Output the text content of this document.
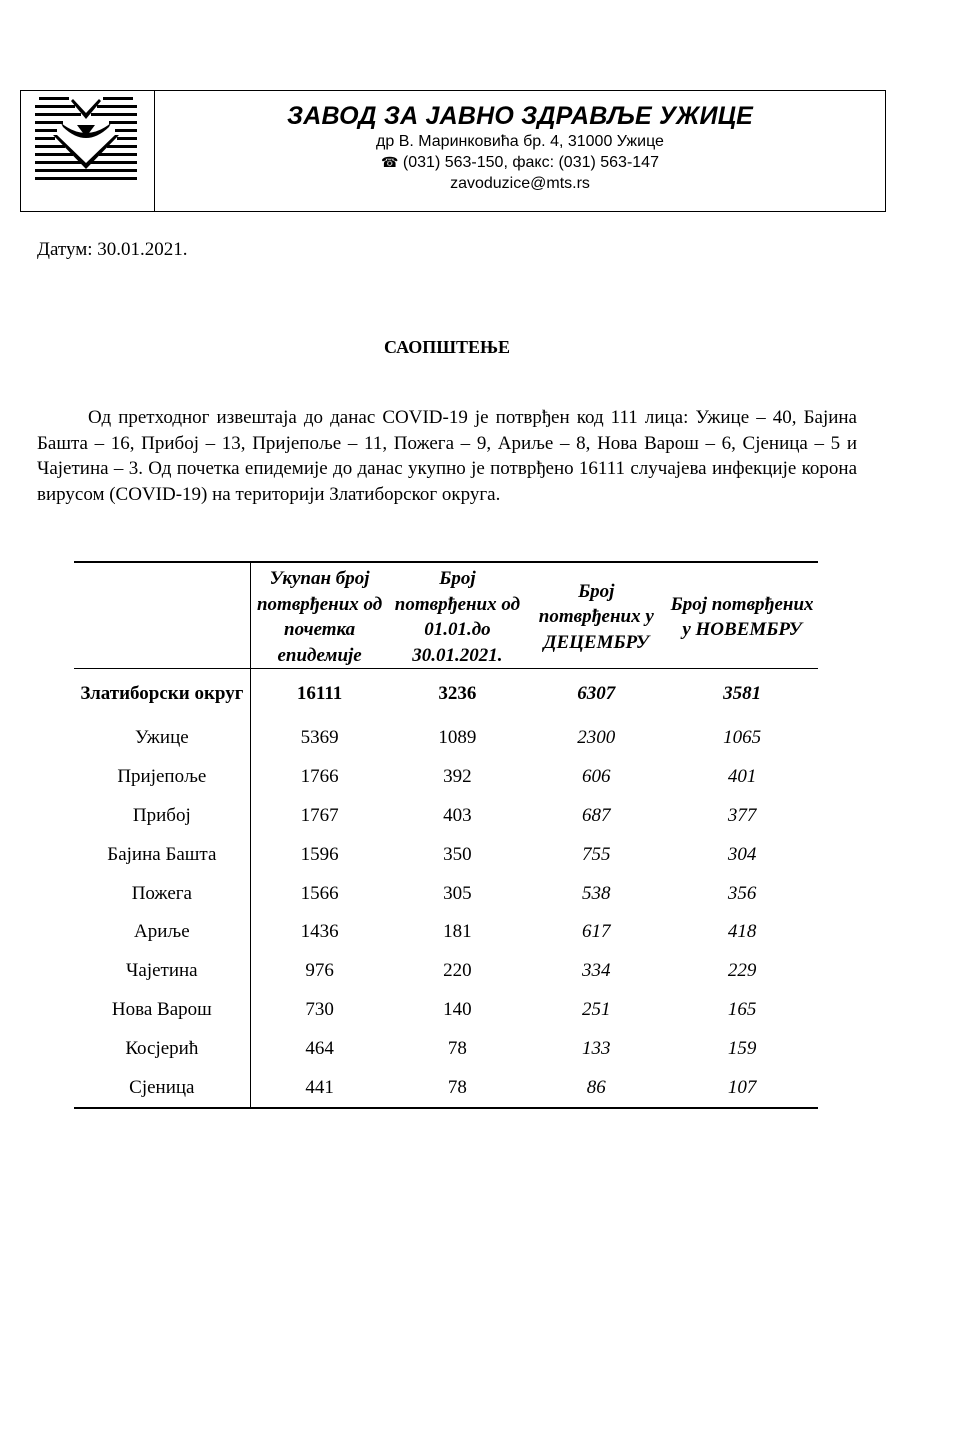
ЗАВОД ЗА ЈАВНО ЗДРАВЉЕ УЖИЦЕ
др В. Маринковића бр. 4, 31000 Ужице
☎ (031) 563-150, факс: (031) 563-147
zavoduzice@mts.rs
Датум: 30.01.2021.
САОПШТЕЊЕ

Од претходног извештаја до данас COVID-19 је потврђен код 111 лица: Ужице – 40, Бајина Башта – 16, Прибој – 13, Пријепоље – 11, Пожега – 9, Ариље – 8, Нова Варош – 6, Сјеница – 5 и Чајетина – 3. Од почетка епидемије до данас укупно је потврђено 16111 случајева инфекције корона вирусом (COVID-19) на територији Златиборског округа.

	Укупан број потврђених од почетка епидемије	Број потврђених од 01.01.до 30.01.2021.	Број потврђених у ДЕЦЕМБРУ	Број потврђених у НОВЕМБРУ
Златиборски округ	16111	3236	6307	3581
Ужице	5369	1089	2300	1065
Пријепоље	1766	392	606	401
Прибој	1767	403	687	377
Бајина Башта	1596	350	755	304
Пожега	1566	305	538	356
Ариље	1436	181	617	418
Чајетина	976	220	334	229
Нова Варош	730	140	251	165
Косјерић	464	78	133	159
Сјеница	441	78	86	107
